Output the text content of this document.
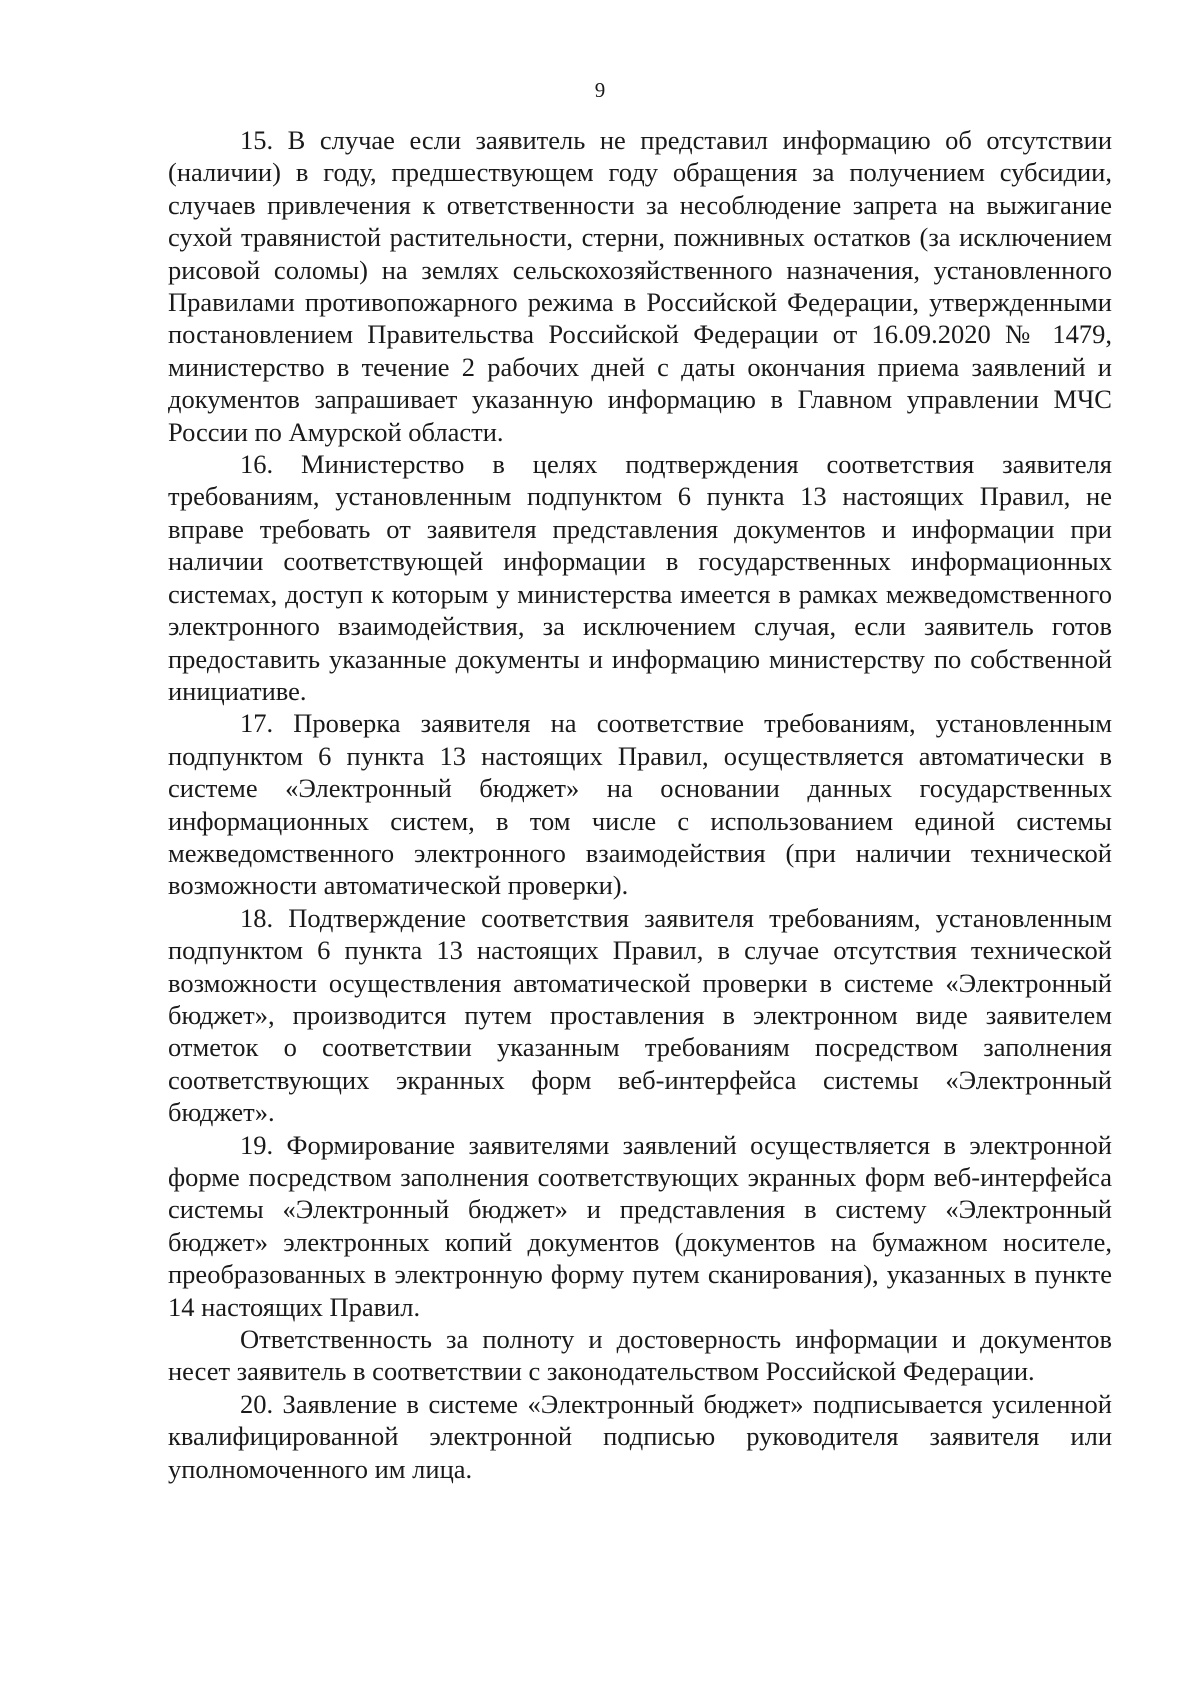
9

15. В случае если заявитель не представил информацию об отсутствии (наличии) в году, предшествующем году обращения за получением субсидии, случаев привлечения к ответственности за несоблюдение запрета на выжигание сухой травянистой растительности, стерни, пожнивных остатков (за исключением рисовой соломы) на землях сельскохозяйственного назначения, установленного Правилами противопожарного режима в Российской Федерации, утвержденными постановлением Правительства Российской Федерации от 16.09.2020 № 1479, министерство в течение 2 рабочих дней с даты окончания приема заявлений и документов запрашивает указанную информацию в Главном управлении МЧС России по Амурской области.

16. Министерство в целях подтверждения соответствия заявителя требованиям, установленным подпунктом 6 пункта 13 настоящих Правил, не вправе требовать от заявителя представления документов и информации при наличии соответствующей информации в государственных информационных системах, доступ к которым у министерства имеется в рамках межведомственного электронного взаимодействия, за исключением случая, если заявитель готов предоставить указанные документы и информацию министерству по собственной инициативе.

17. Проверка заявителя на соответствие требованиям, установленным подпунктом 6 пункта 13 настоящих Правил, осуществляется автоматически в системе «Электронный бюджет» на основании данных государственных информационных систем, в том числе с использованием единой системы межведомственного электронного взаимодействия (при наличии технической возможности автоматической проверки).

18. Подтверждение соответствия заявителя требованиям, установленным подпунктом 6 пункта 13 настоящих Правил, в случае отсутствия технической возможности осуществления автоматической проверки в системе «Электронный бюджет», производится путем проставления в электронном виде заявителем отметок о соответствии указанным требованиям посредством заполнения соответствующих экранных форм веб-интерфейса системы «Электронный бюджет».

19. Формирование заявителями заявлений осуществляется в электронной форме посредством заполнения соответствующих экранных форм веб-интерфейса системы «Электронный бюджет» и представления в систему «Электронный бюджет» электронных копий документов (документов на бумажном носителе, преобразованных в электронную форму путем сканирования), указанных в пункте 14 настоящих Правил.

Ответственность за полноту и достоверность информации и документов несет заявитель в соответствии с законодательством Российской Федерации.

20. Заявление в системе «Электронный бюджет» подписывается усиленной квалифицированной электронной подписью руководителя заявителя или уполномоченного им лица.
